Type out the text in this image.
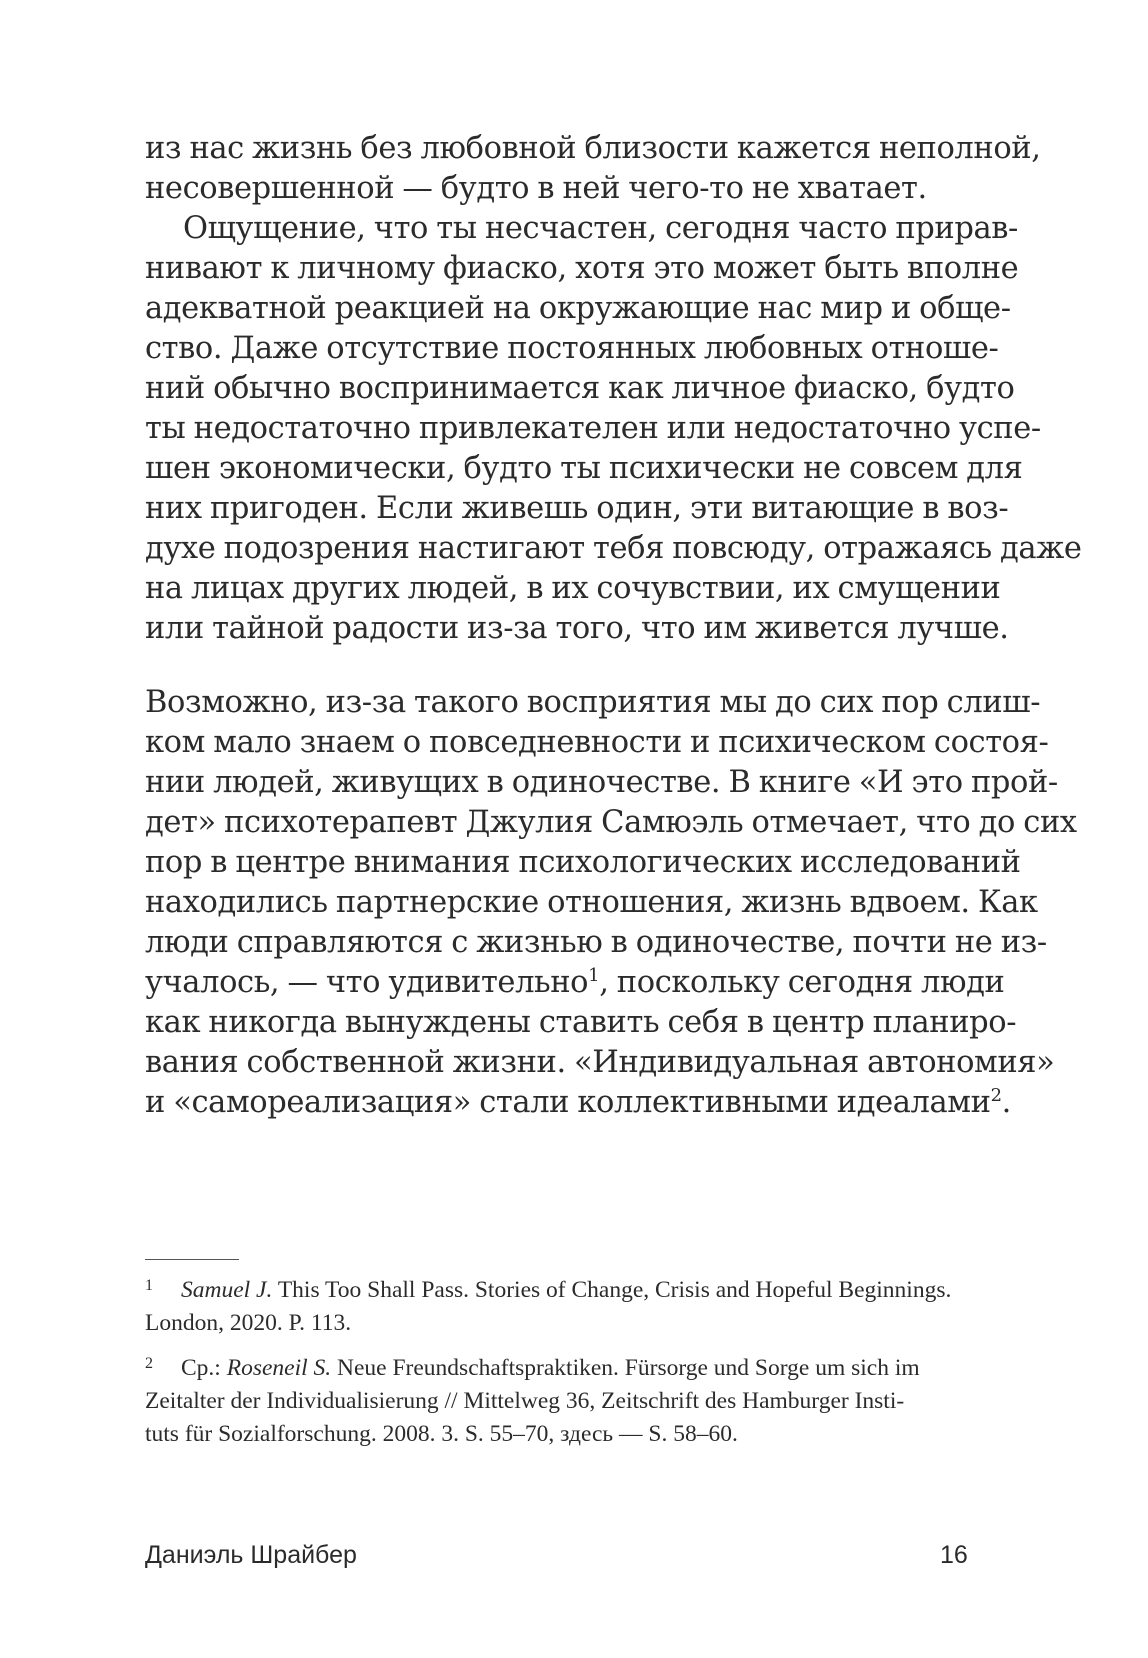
из нас жизнь без любовной близости кажется неполной,
несовершенной — будто в ней чего-то не хватает.
Ощущение, что ты несчастен, сегодня часто прирав-
нивают к личному фиаско, хотя это может быть вполне
адекватной реакцией на окружающие нас мир и обще-
ство. Даже отсутствие постоянных любовных отноше-
ний обычно воспринимается как личное фиаско, будто
ты недостаточно привлекателен или недостаточно успе-
шен экономически, будто ты психически не совсем для
них пригоден. Если живешь один, эти витающие в воз-
духе подозрения настигают тебя повсюду, отражаясь даже
на лицах других людей, в их сочувствии, их смущении
или тайной радости из-за того, что им живется лучше.
Возможно, из-за такого восприятия мы до сих пор слиш-
ком мало знаем о повседневности и психическом состоя-
нии людей, живущих в одиночестве. В книге «И это прой-
дет» психотерапевт Джулия Самюэль отмечает, что до сих
пор в центре внимания психологических исследований
находились партнерские отношения, жизнь вдвоем. Как
люди справляются с жизнью в одиночестве, почти не из-
учалось, — что удивительно$^1$, поскольку сегодня люди
как никогда вынуждены ставить себя в центр планиро-
вания собственной жизни. «Индивидуальная автономия»
и «самореализация» стали коллективными идеалами$^2$.
1 Samuel J. This Too Shall Pass. Stories of Change, Crisis and Hopeful Beginnings.
London, 2020. P. 113.
2 Ср.: Roseneil S. Neue Freundschaftspraktiken. Fürsorge und Sorge um sich im
Zeitalter der Individualisierung // Mittelweg 36, Zeitschrift des Hamburger Insti-
tuts für Sozialforschung. 2008. 3. S. 55–70, здесь — S. 58–60.
Даниэль Шрайбер	16
